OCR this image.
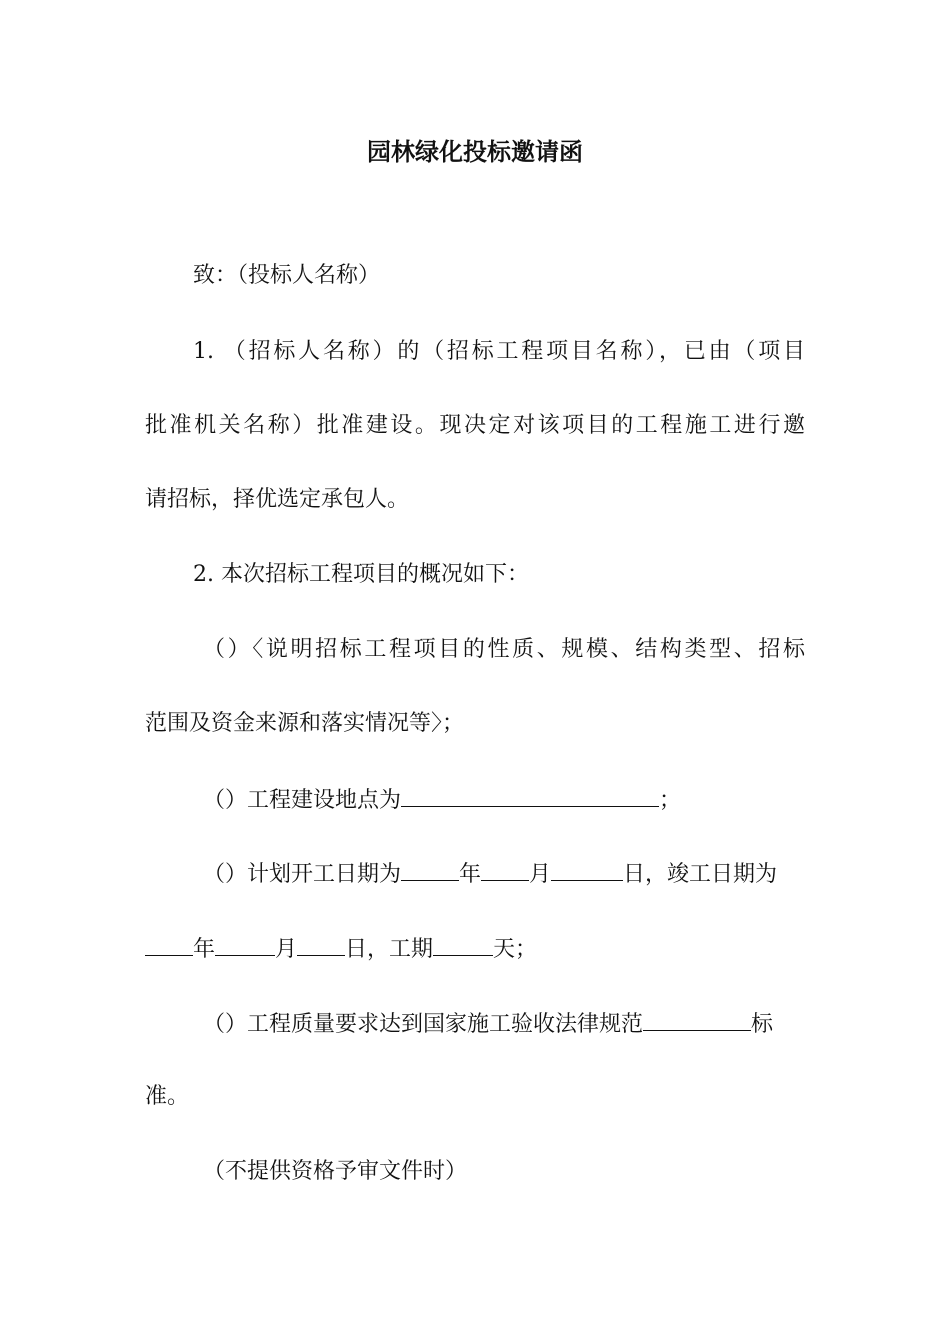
园林绿化投标邀请函
致：（投标人名称）
1. （招标人名称）的（招标工程项目名称），已由（项目
批准机关名称）批准建设。现决定对该项目的工程施工进行邀
请招标，择优选定承包人。
2. 本次招标工程项目的概况如下：
（）〈说明招标工程项目的性质、规模、结构类型、招标
范围及资金来源和落实情况等〉；
（）工程建设地点为	；
（）计划开工日期为	年 月	日，竣工日期为
年	月 日，工期	天；
（）工程质量要求达到国家施工验收法律规范	标
准。
（不提供资格予审文件时）
